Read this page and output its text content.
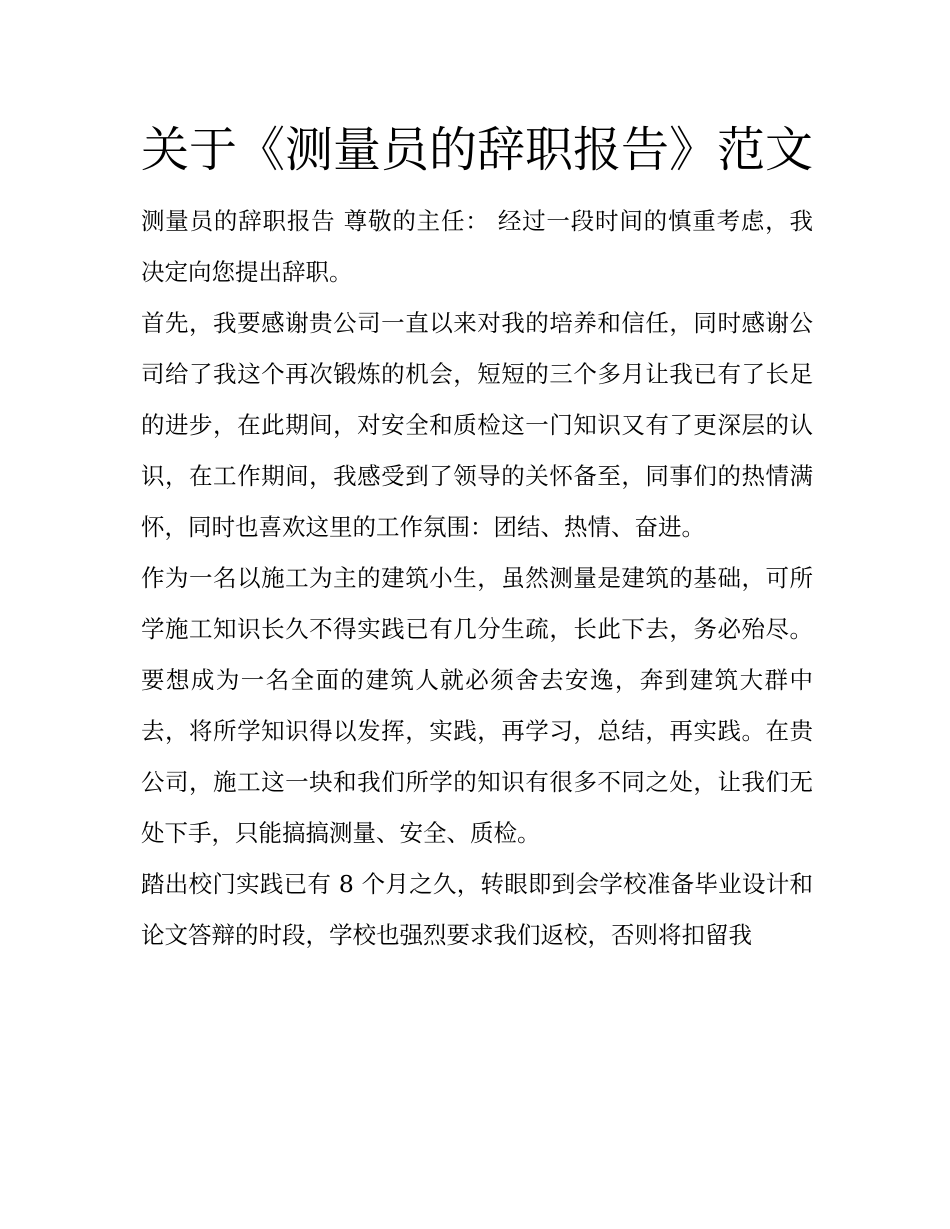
关于《测量员的辞职报告》范文

测量员的辞职报告 尊敬的主任： 经过一段时间的慎重考虑，我决定向您提出辞职。

首先，我要感谢贵公司一直以来对我的培养和信任，同时感谢公司给了我这个再次锻炼的机会，短短的三个多月让我已有了长足的进步，在此期间，对安全和质检这一门知识又有了更深层的认识，在工作期间，我感受到了领导的关怀备至，同事们的热情满怀，同时也喜欢这里的工作氛围：团结、热情、奋进。

作为一名以施工为主的建筑小生，虽然测量是建筑的基础，可所学施工知识长久不得实践已有几分生疏，长此下去，务必殆尽。要想成为一名全面的建筑人就必须舍去安逸，奔到建筑大群中去，将所学知识得以发挥，实践，再学习，总结，再实践。在贵公司，施工这一块和我们所学的知识有很多不同之处，让我们无处下手，只能搞搞测量、安全、质检。

踏出校门实践已有 8 个月之久，转眼即到会学校准备毕业设计和论文答辩的时段，学校也强烈要求我们返校，否则将扣留我
